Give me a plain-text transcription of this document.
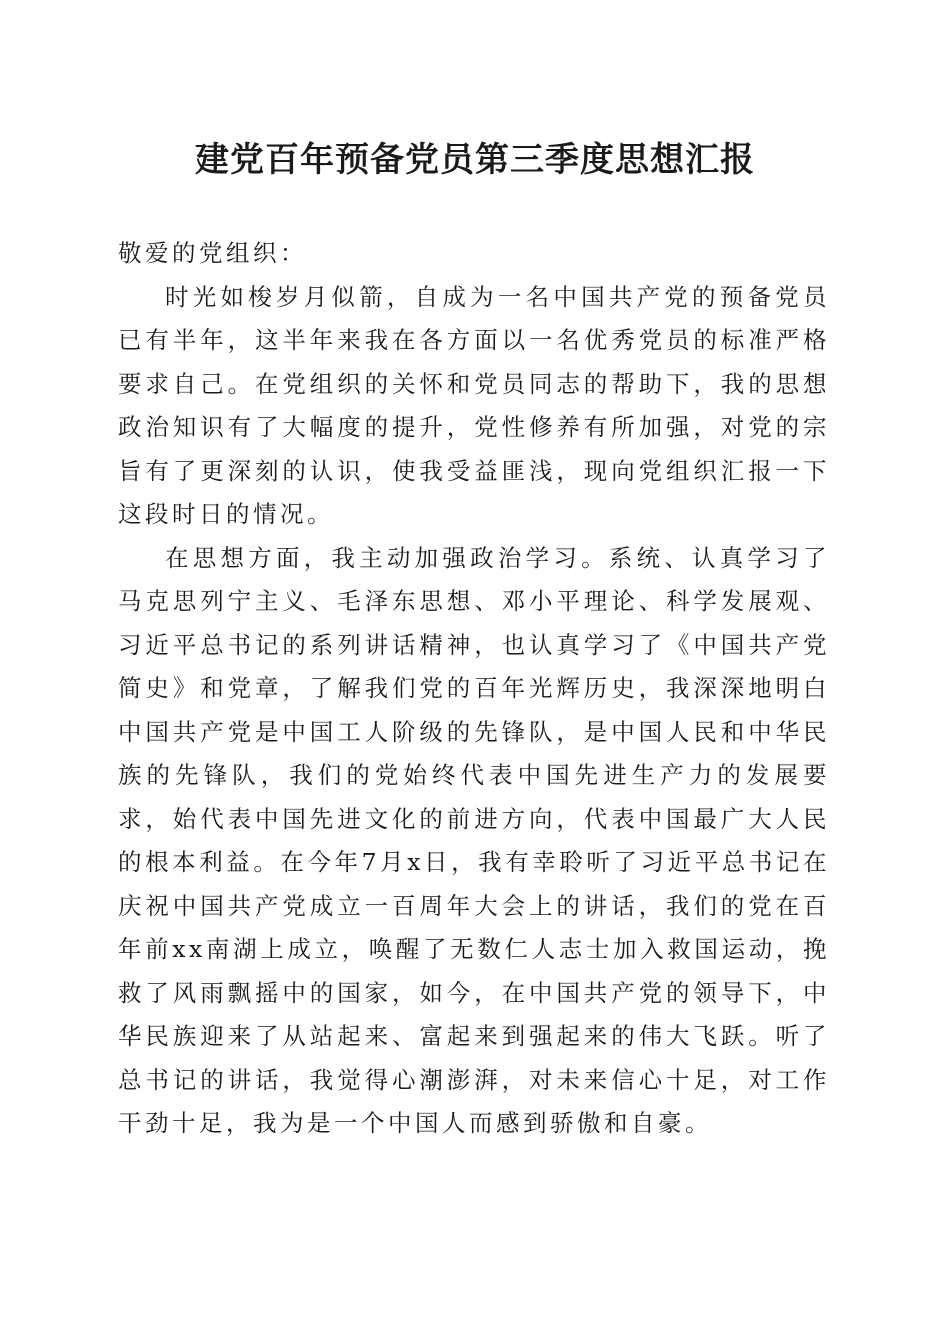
建党百年预备党员第三季度思想汇报

敬爱的党组织：

时光如梭岁月似箭，自成为一名中国共产党的预备党员已有半年，这半年来我在各方面以一名优秀党员的标准严格要求自己。在党组织的关怀和党员同志的帮助下，我的思想政治知识有了大幅度的提升，党性修养有所加强，对党的宗旨有了更深刻的认识，使我受益匪浅，现向党组织汇报一下这段时日的情况。

在思想方面，我主动加强政治学习。系统、认真学习了马克思列宁主义、毛泽东思想、邓小平理论、科学发展观、习近平总书记的系列讲话精神，也认真学习了《中国共产党简史》和党章，了解我们党的百年光辉历史，我深深地明白中国共产党是中国工人阶级的先锋队，是中国人民和中华民族的先锋队，我们的党始终代表中国先进生产力的发展要求，始代表中国先进文化的前进方向，代表中国最广大人民的根本利益。在今年7月x日，我有幸聆听了习近平总书记在庆祝中国共产党成立一百周年大会上的讲话，我们的党在百年前xx南湖上成立，唤醒了无数仁人志士加入救国运动，挽救了风雨飘摇中的国家，如今，在中国共产党的领导下，中华民族迎来了从站起来、富起来到强起来的伟大飞跃。听了总书记的讲话，我觉得心潮澎湃，对未来信心十足，对工作干劲十足，我为是一个中国人而感到骄傲和自豪。
